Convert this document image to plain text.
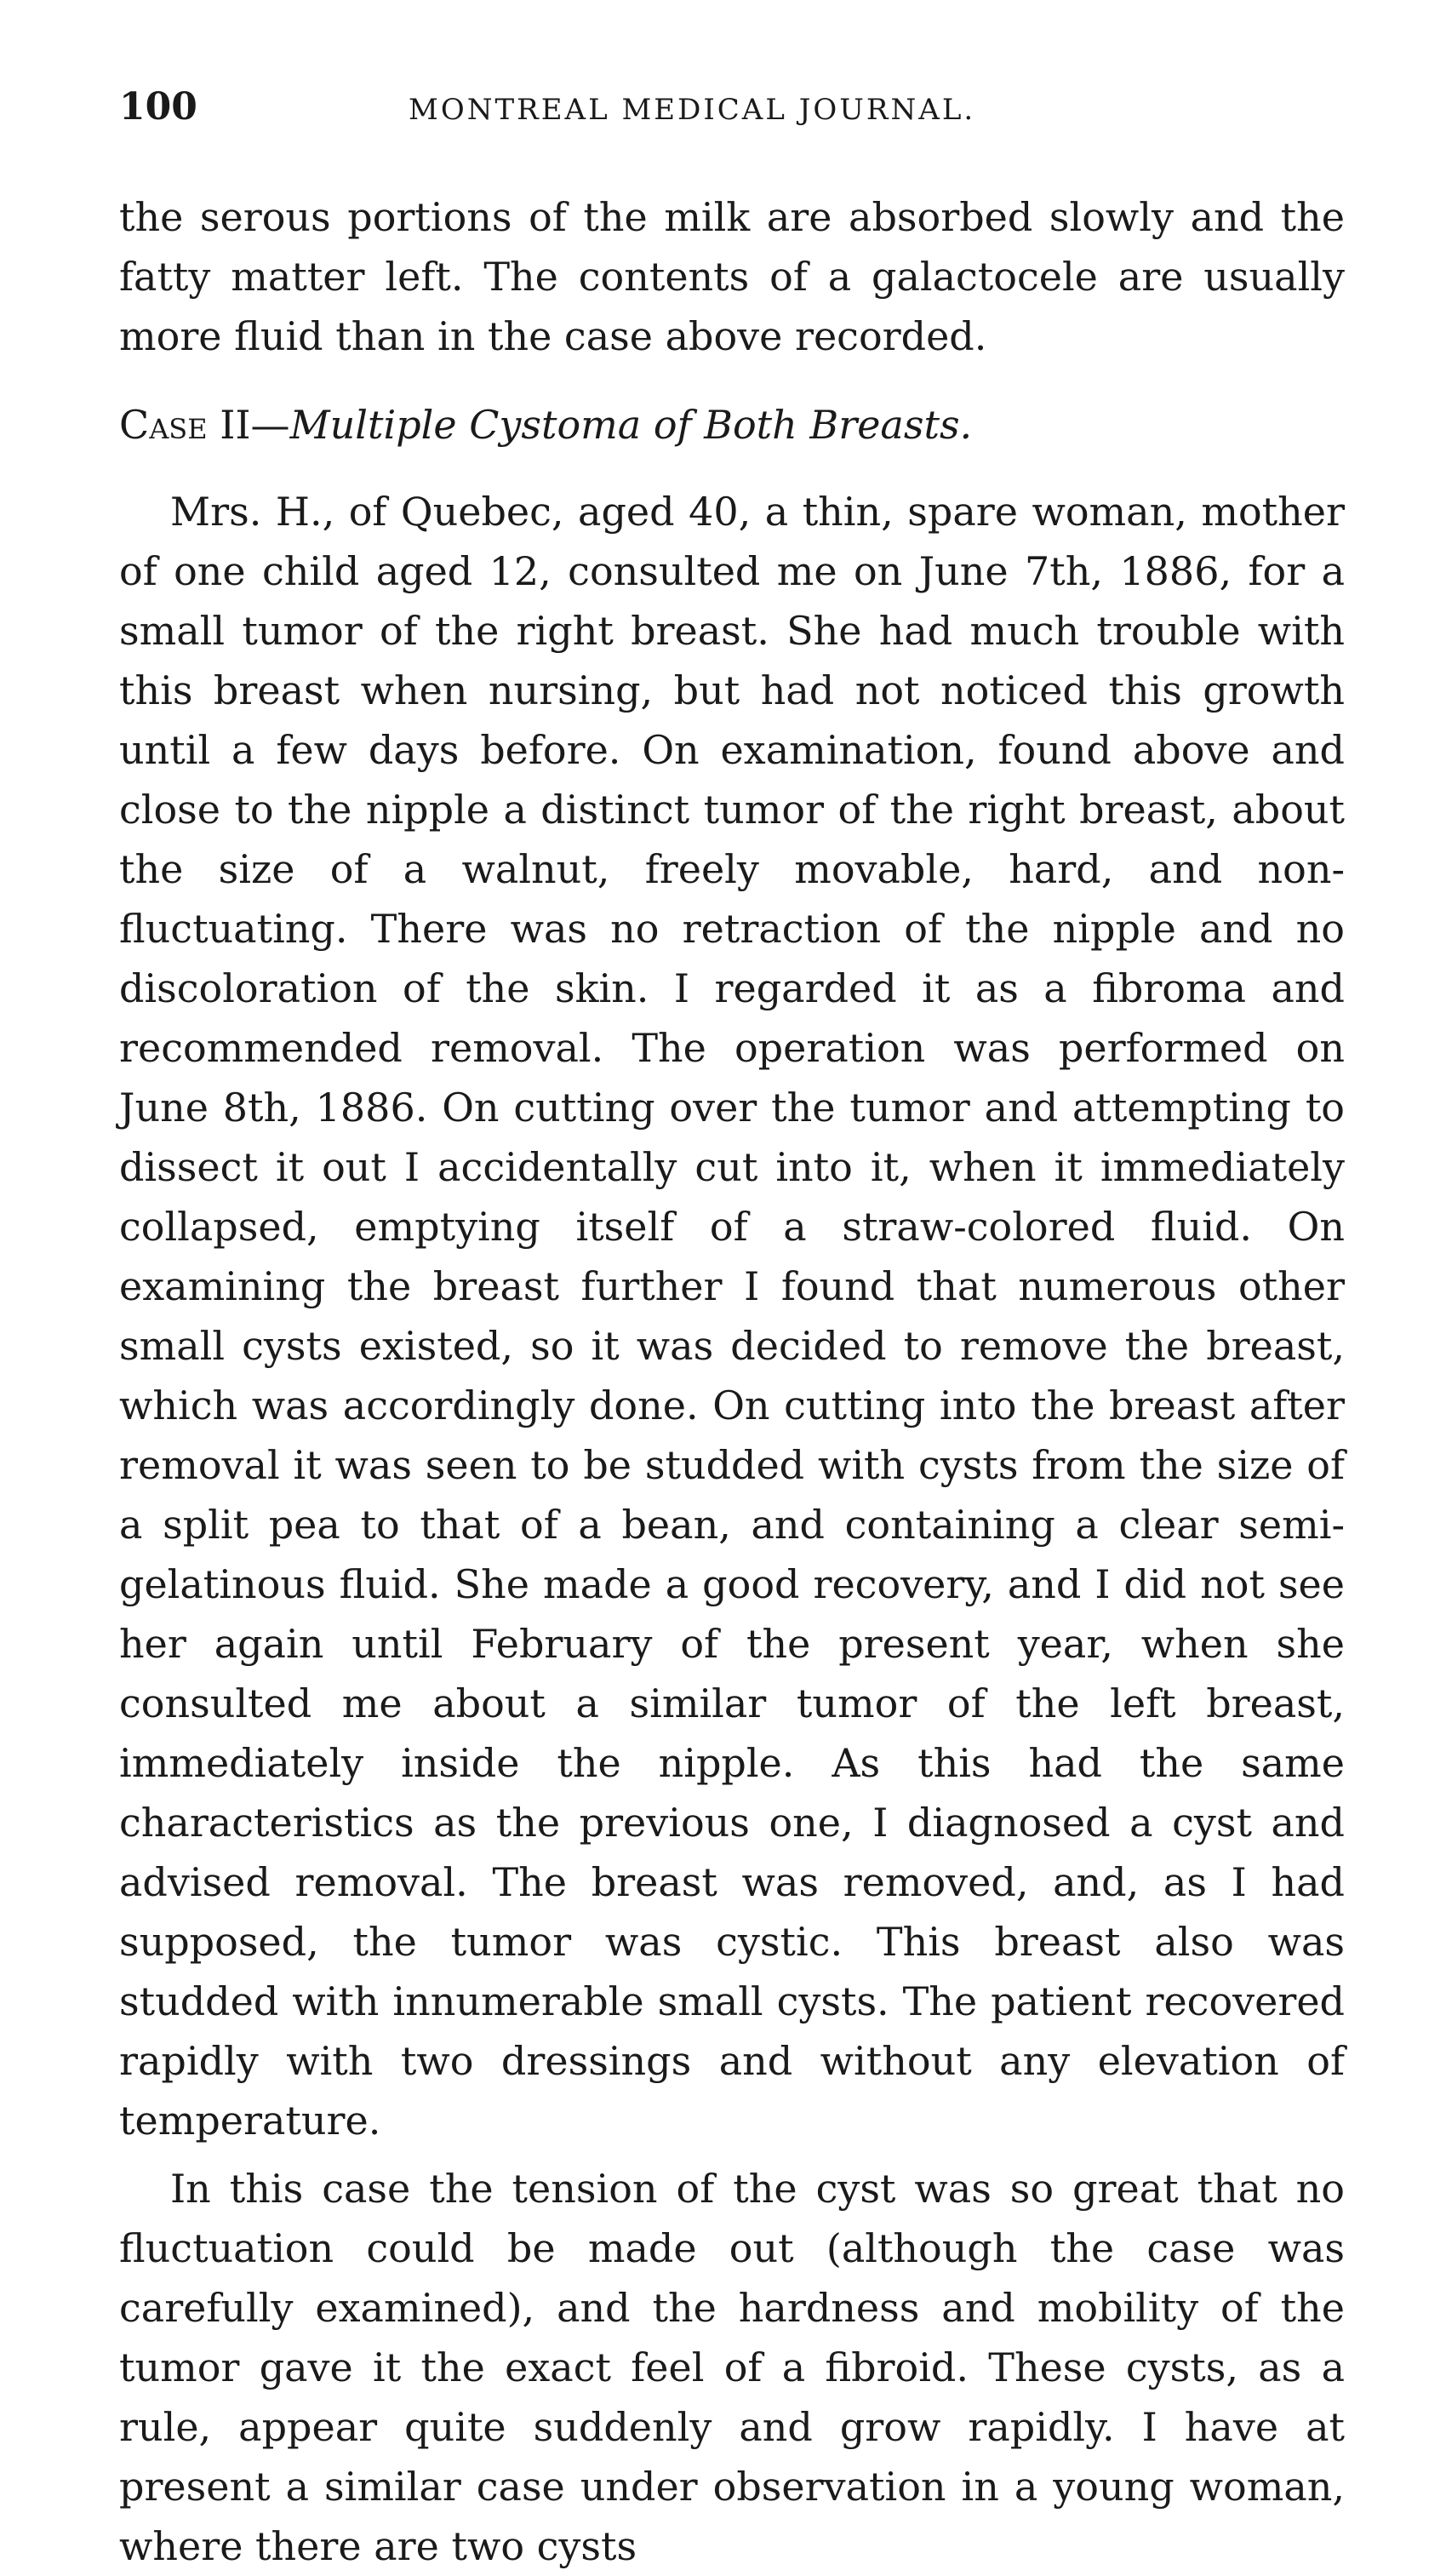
100	MONTREAL MEDICAL JOURNAL.

the serous portions of the milk are absorbed slowly and the fatty matter left. The contents of a galactocele are usually more fluid than in the case above recorded.

Case II—Multiple Cystoma of Both Breasts.

Mrs. H., of Quebec, aged 40, a thin, spare woman, mother of one child aged 12, consulted me on June 7th, 1886, for a small tumor of the right breast. She had much trouble with this breast when nursing, but had not noticed this growth until a few days before. On examination, found above and close to the nipple a distinct tumor of the right breast, about the size of a walnut, freely movable, hard, and non-fluctuating. There was no retraction of the nipple and no discoloration of the skin. I regarded it as a fibroma and recommended removal. The operation was performed on June 8th, 1886. On cutting over the tumor and attempting to dissect it out I accidentally cut into it, when it immediately collapsed, emptying itself of a straw-colored fluid. On examining the breast further I found that numerous other small cysts existed, so it was decided to remove the breast, which was accordingly done. On cutting into the breast after removal it was seen to be studded with cysts from the size of a split pea to that of a bean, and containing a clear semi-gelatinous fluid. She made a good recovery, and I did not see her again until February of the present year, when she consulted me about a similar tumor of the left breast, immediately inside the nipple. As this had the same characteristics as the previous one, I diagnosed a cyst and advised removal. The breast was removed, and, as I had supposed, the tumor was cystic. This breast also was studded with innumerable small cysts. The patient recovered rapidly with two dressings and without any elevation of temperature.

In this case the tension of the cyst was so great that no fluctuation could be made out (although the case was carefully examined), and the hardness and mobility of the tumor gave it the exact feel of a fibroid. These cysts, as a rule, appear quite suddenly and grow rapidly. I have at present a similar case under observation in a young woman, where there are two cysts
